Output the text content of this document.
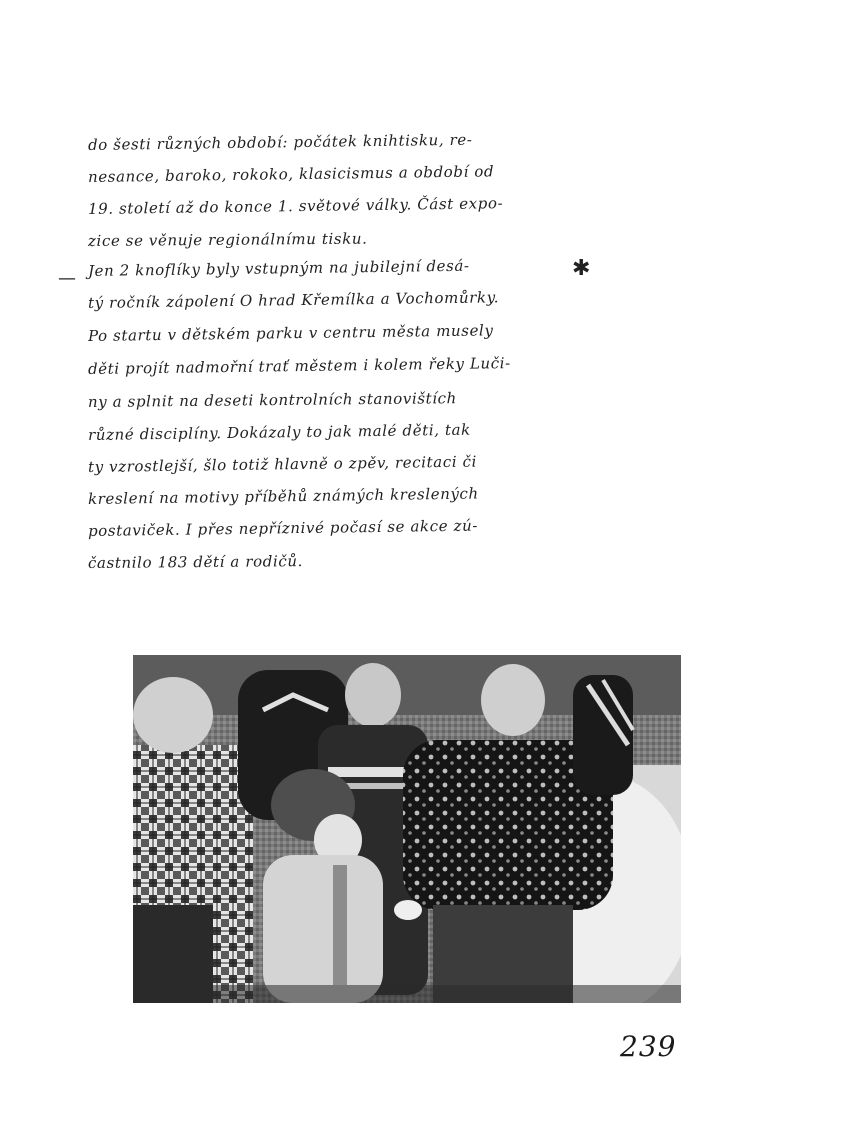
do šesti různých období: počátek knihtisku, re-
nesance, baroko, rokoko, klasicismus a období od
19. století až do konce 1. světové války. Část expo-
zice se věnuje regionálnímu tisku.
— Jen 2 knoflíky byly vstupným na jubilejní desá-	✱
tý ročník zápolení O hrad Křemílka a Vochomůrky.
Po startu v dětském parku v centru města musely
děti projít nadmořní trať městem i kolem řeky Luči-
ny a splnit na deseti kontrolních stanovištích
různé disciplíny. Dokázaly to jak malé děti, tak
ty vzrostlejší, šlo totiž hlavně o zpěv, recitaci či
kreslení na motivy příběhů známých kreslených
postaviček. I přes nepříznivé počasí se akce zú-
častnilo 183 dětí a rodičů.
239
